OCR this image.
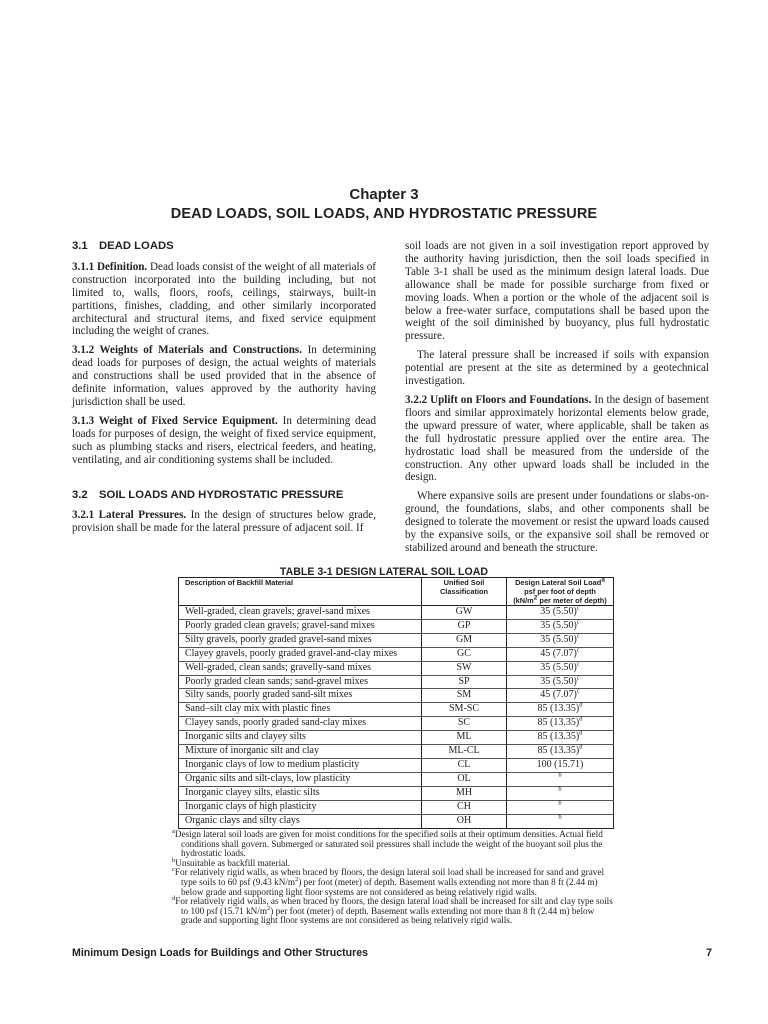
Chapter 3
DEAD LOADS, SOIL LOADS, AND HYDROSTATIC PRESSURE
3.1 DEAD LOADS

3.1.1 Definition. Dead loads consist of the weight of all materials of construction incorporated into the building including, but not limited to, walls, floors, roofs, ceilings, stairways, built-in partitions, finishes, cladding, and other similarly incorporated architectural and structural items, and fixed service equipment including the weight of cranes.

3.1.2 Weights of Materials and Constructions. In determining dead loads for purposes of design, the actual weights of materials and constructions shall be used provided that in the absence of definite information, values approved by the authority having jurisdiction shall be used.

3.1.3 Weight of Fixed Service Equipment. In determining dead loads for purposes of design, the weight of fixed service equipment, such as plumbing stacks and risers, electrical feeders, and heating, ventilating, and air conditioning systems shall be included.

3.2 SOIL LOADS AND HYDROSTATIC PRESSURE

3.2.1 Lateral Pressures. In the design of structures below grade, provision shall be made for the lateral pressure of adjacent soil. If

soil loads are not given in a soil investigation report approved by the authority having jurisdiction, then the soil loads specified in Table 3-1 shall be used as the minimum design lateral loads. Due allowance shall be made for possible surcharge from fixed or moving loads. When a portion or the whole of the adjacent soil is below a free-water surface, computations shall be based upon the weight of the soil diminished by buoyancy, plus full hydrostatic pressure.

The lateral pressure shall be increased if soils with expansion potential are present at the site as determined by a geotechnical investigation.

3.2.2 Uplift on Floors and Foundations. In the design of basement floors and similar approximately horizontal elements below grade, the upward pressure of water, where applicable, shall be taken as the full hydrostatic pressure applied over the entire area. The hydrostatic load shall be measured from the underside of the construction. Any other upward loads shall be included in the design.

Where expansive soils are present under foundations or slabs-on-ground, the foundations, slabs, and other components shall be designed to tolerate the movement or resist the upward loads caused by the expansive soils, or the expansive soil shall be removed or stabilized around and beneath the structure.

TABLE 3-1 DESIGN LATERAL SOIL LOAD
Description of Backfill Material	Unified Soil Classification	Design Lateral Soil Load$^a$
psf per foot of depth
($kN/m^2$ per meter of depth)
Well-graded, clean gravels; gravel-sand mixes	GW	35 $(5.50)^c$
Poorly graded clean gravels; gravel-sand mixes	GP	35 $(5.50)^c$
Silty gravels, poorly graded gravel-sand mixes	GM	35 $(5.50)^c$
Clayey gravels, poorly graded gravel-and-clay mixes	GC	45 $(7.07)^c$
Well-graded, clean sands; gravelly-sand mixes	SW	35 $(5.50)^c$
Poorly graded clean sands; sand-gravel mixes	SP	35 $(5.50)^c$
Silty sands, poorly graded sand-silt mixes	SM	45 $(7.07)^c$
Sand–silt clay mix with plastic fines	SM-SC	85 $(13.35)^d$
Clayey sands, poorly graded sand-clay mixes	SC	85 $(13.35)^d$
Inorganic silts and clayey silts	ML	85 $(13.35)^d$
Mixture of inorganic silt and clay	ML-CL	85 $(13.35)^d$
Inorganic clays of low to medium plasticity	CL	100 (15.71)
Organic silts and silt-clays, low plasticity	OL	$^b$
Inorganic clayey silts, elastic silts	MH	$^b$
Inorganic clays of high plasticity	CH	$^b$
Organic clays and silty clays	OH	$^b$

$^a$Design lateral soil loads are given for moist conditions for the specified soils at their optimum densities. Actual field conditions shall govern. Submerged or saturated soil pressures shall include the weight of the buoyant soil plus the hydrostatic loads.

$^b$Unsuitable as backfill material.

$^c$For relatively rigid walls, as when braced by floors, the design lateral soil load shall be increased for sand and gravel type soils to 60 psf (9.43 $kN/m^2$) per foot (meter) of depth. Basement walls extending not more than 8 ft (2.44 m) below grade and supporting light floor systems are not considered as being relatively rigid walls.

$^d$For relatively rigid walls, as when braced by floors, the design lateral load shall be increased for silt and clay type soils to 100 psf (15.71 $kN/m^2$) per foot (meter) of depth. Basement walls extending not more than 8 ft (2.44 m) below grade and supporting light floor systems are not considered as being relatively rigid walls.

Minimum Design Loads for Buildings and Other Structures	7
